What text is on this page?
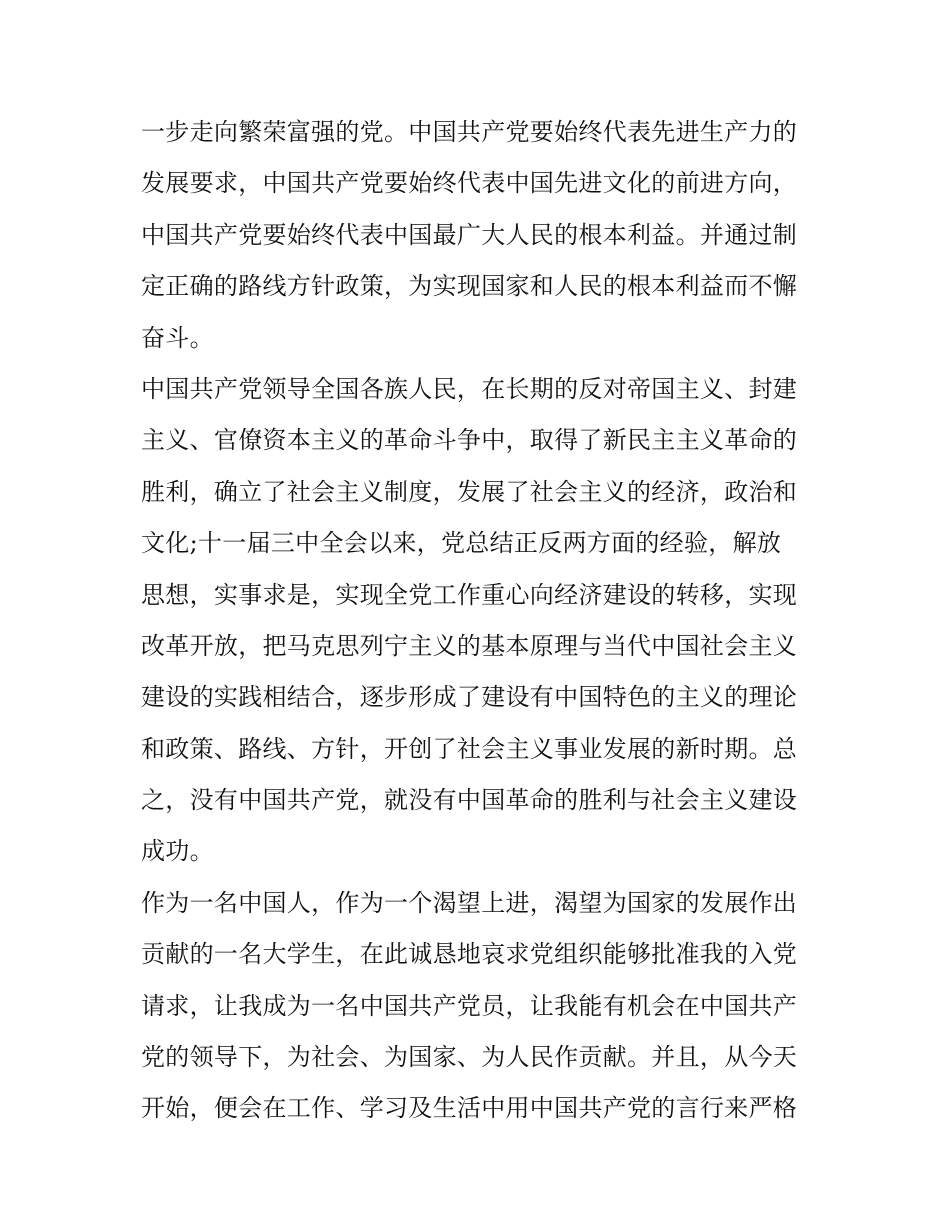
一步走向繁荣富强的党。中国共产党要始终代表先进生产力的
发展要求，中国共产党要始终代表中国先进文化的前进方向，
中国共产党要始终代表中国最广大人民的根本利益。并通过制
定正确的路线方针政策，为实现国家和人民的根本利益而不懈
奋斗。
中国共产党领导全国各族人民，在长期的反对帝国主义、封建
主义、官僚资本主义的革命斗争中，取得了新民主主义革命的
胜利，确立了社会主义制度，发展了社会主义的经济，政治和
文化;十一届三中全会以来，党总结正反两方面的经验，解放
思想，实事求是，实现全党工作重心向经济建设的转移，实现
改革开放，把马克思列宁主义的基本原理与当代中国社会主义
建设的实践相结合，逐步形成了建设有中国特色的主义的理论
和政策、路线、方针，开创了社会主义事业发展的新时期。总
之，没有中国共产党，就没有中国革命的胜利与社会主义建设
成功。
作为一名中国人，作为一个渴望上进，渴望为国家的发展作出
贡献的一名大学生，在此诚恳地哀求党组织能够批准我的入党
请求，让我成为一名中国共产党员，让我能有机会在中国共产
党的领导下，为社会、为国家、为人民作贡献。并且，从今天
开始，便会在工作、学习及生活中用中国共产党的言行来严格
